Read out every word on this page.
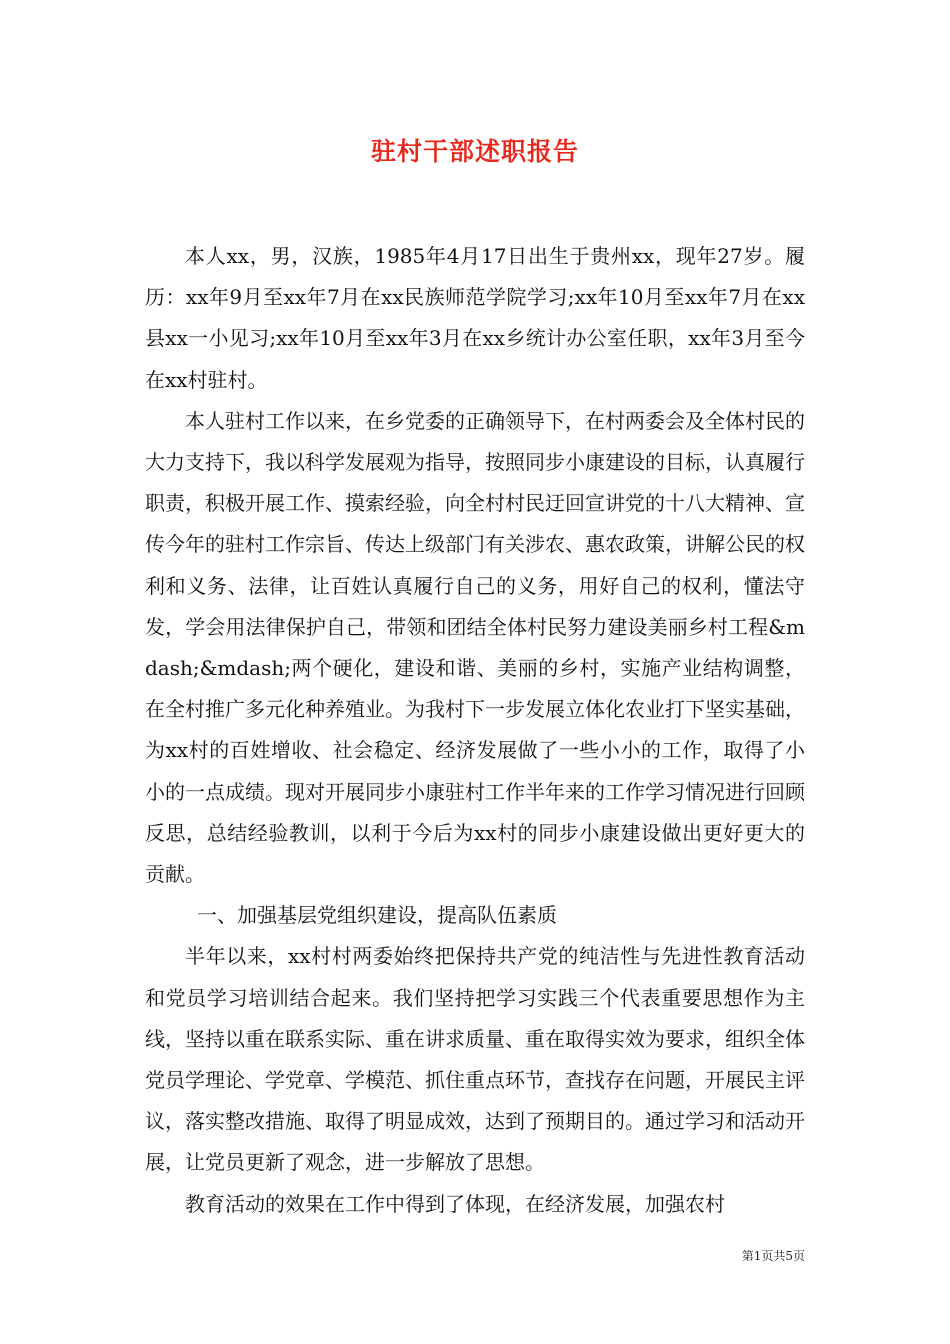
驻村干部述职报告

本人xx，男，汉族，1985年4月17日出生于贵州xx，现年27岁。履历：xx年9月至xx年7月在xx民族师范学院学习;xx年10月至xx年7月在xx县xx一小见习;xx年10月至xx年3月在xx乡统计办公室任职，xx年3月至今在xx村驻村。

本人驻村工作以来，在乡党委的正确领导下，在村两委会及全体村民的大力支持下，我以科学发展观为指导，按照同步小康建设的目标，认真履行职责，积极开展工作、摸索经验，向全村村民迂回宣讲党的十八大精神、宣传今年的驻村工作宗旨、传达上级部门有关涉农、惠农政策，讲解公民的权利和义务、法律，让百姓认真履行自己的义务，用好自己的权利，懂法守发，学会用法律保护自己，带领和团结全体村民努力建设美丽乡村工程&mdash;&mdash;两个硬化，建设和谐、美丽的乡村，实施产业结构调整，在全村推广多元化种养殖业。为我村下一步发展立体化农业打下坚实基础，为xx村的百姓增收、社会稳定、经济发展做了一些小小的工作，取得了小小的一点成绩。现对开展同步小康驻村工作半年来的工作学习情况进行回顾反思，总结经验教训，以利于今后为xx村的同步小康建设做出更好更大的贡献。

一、加强基层党组织建设，提高队伍素质

半年以来，xx村村两委始终把保持共产党的纯洁性与先进性教育活动和党员学习培训结合起来。我们坚持把学习实践三个代表重要思想作为主线，坚持以重在联系实际、重在讲求质量、重在取得实效为要求，组织全体党员学理论、学党章、学模范、抓住重点环节，查找存在问题，开展民主评议，落实整改措施、取得了明显成效，达到了预期目的。通过学习和活动开展，让党员更新了观念，进一步解放了思想。

教育活动的效果在工作中得到了体现，在经济发展，加强农村

第1页共5页
